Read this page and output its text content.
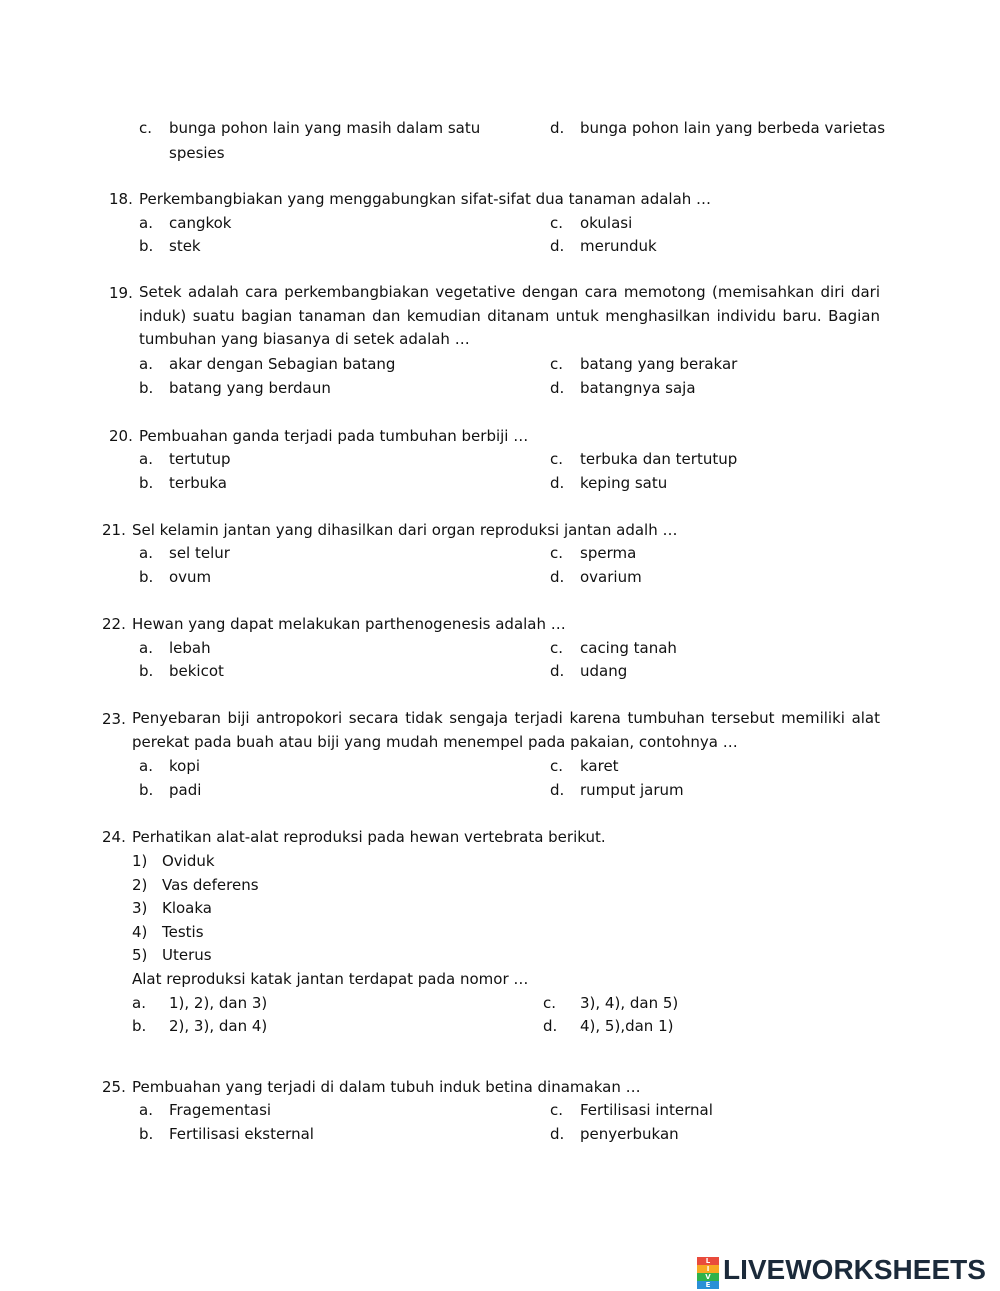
c. bunga pohon lain yang masih dalam satu
spesies
d. bunga pohon lain yang berbeda varietas
18. Perkembangbiakan yang menggabungkan sifat-sifat dua tanaman adalah …
a. cangkok
b. stek
c. okulasi
d. merunduk
19. Setek adalah cara perkembangbiakan vegetative dengan cara memotong (memisahkan diri dari induk) suatu bagian tanaman dan kemudian ditanam untuk menghasilkan individu baru. Bagian tumbuhan yang biasanya di setek adalah …
a. akar dengan Sebagian batang
b. batang yang berdaun
c. batang yang berakar
d. batangnya saja
20. Pembuahan ganda terjadi pada tumbuhan berbiji …
a. tertutup
b. terbuka
c. terbuka dan tertutup
d. keping satu
21. Sel kelamin jantan yang dihasilkan dari organ reproduksi jantan adalh …
a. sel telur
b. ovum
c. sperma
d. ovarium
22. Hewan yang dapat melakukan parthenogenesis adalah …
a. lebah
b. bekicot
c. cacing tanah
d. udang
23. Penyebaran biji antropokori secara tidak sengaja terjadi karena tumbuhan tersebut memiliki alat perekat pada buah atau biji yang mudah menempel pada pakaian, contohnya …
a. kopi
b. padi
c. karet
d. rumput jarum
24. Perhatikan alat-alat reproduksi pada hewan vertebrata berikut.
1) Oviduk
2) Vas deferens
3) Kloaka
4) Testis
5) Uterus
Alat reproduksi katak jantan terdapat pada nomor …
a. 1), 2), dan 3)
b. 2), 3), dan 4)
c. 3), 4), dan 5)
d. 4), 5),dan 1)
25. Pembuahan yang terjadi di dalam tubuh induk betina dinamakan …
a. Fragementasi
b. Fertilisasi eksternal
c. Fertilisasi internal
d. penyerbukan
L
I
V
E LIVEWORKSHEETS
